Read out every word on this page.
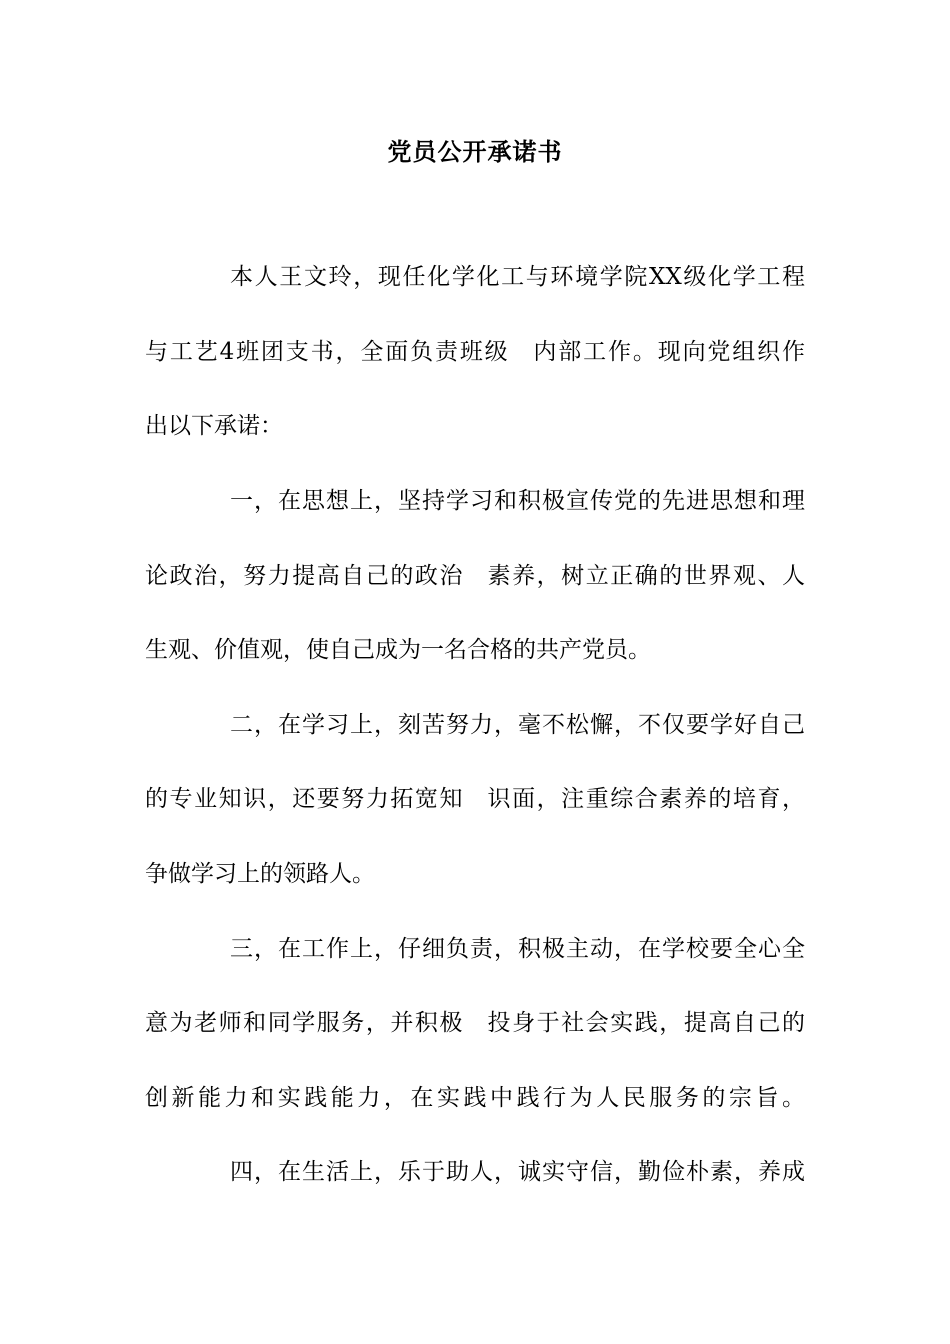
党员公开承诺书
本人王文玲，现任化学化工与环境学院XX级化学工程
与工艺4班团支书，全面负责班级 内部工作。现向党组织作
出以下承诺：
一，在思想上，坚持学习和积极宣传党的先进思想和理
论政治，努力提高自己的政治 素养，树立正确的世界观、人
生观、价值观，使自己成为一名合格的共产党员。
二，在学习上，刻苦努力，毫不松懈，不仅要学好自己
的专业知识，还要努力拓宽知 识面，注重综合素养的培育，
争做学习上的领路人。
三，在工作上，仔细负责，积极主动，在学校要全心全
意为老师和同学服务，并积极 投身于社会实践，提高自己的
创新能力和实践能力，在实践中践行为人民服务的宗旨。
四，在生活上，乐于助人，诚实守信，勤俭朴素，养成
